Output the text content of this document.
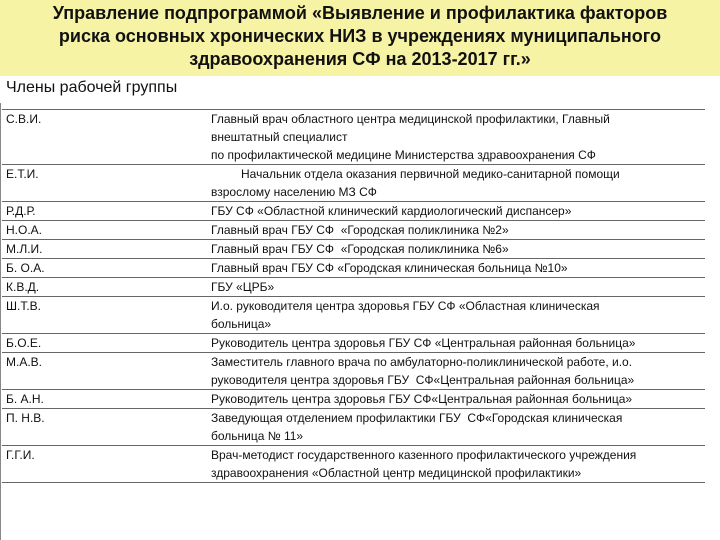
Управление подпрограммой «Выявление и профилактика факторов
риска основных хронических НИЗ в учреждениях муниципального
здравоохранения СФ на 2013-2017 гг.»

Члены рабочей группы

С.В.И.	Главный врач областного центра медицинской профилактики, Главный
внештатный специалист
по профилактической медицине Министерства здравоохранения СФ

Е.Т.И.	Начальник отдела оказания первичной медико-санитарной помощи
взрослому населению МЗ СФ

Р.Д.Р.	ГБУ СФ «Областной клинический кардиологический диспансер»

Н.О.А.	Главный врач ГБУ СФ  «Городская поликлиника №2»

М.Л.И.	Главный врач ГБУ СФ  «Городская поликлиника №6»

Б. О.А.	Главный врач ГБУ СФ «Городская клиническая больница №10»

К.В.Д.	ГБУ «ЦРБ»

Ш.Т.В.	И.о. руководителя центра здоровья ГБУ СФ «Областная клиническая
больница»

Б.О.Е.	Руководитель центра здоровья ГБУ СФ «Центральная районная больница»

М.А.В.	Заместитель главного врача по амбулаторно-поликлинической работе, и.о.
руководителя центра здоровья ГБУ  СФ«Центральная районная больница»

Б. А.Н.	Руководитель центра здоровья ГБУ СФ«Центральная районная больница»

П. Н.В.	Заведующая отделением профилактики ГБУ  СФ«Городская клиническая
больница № 11»

Г.Г.И.	Врач-методист государственного казенного профилактического учреждения
здравоохранения «Областной центр медицинской профилактики»
